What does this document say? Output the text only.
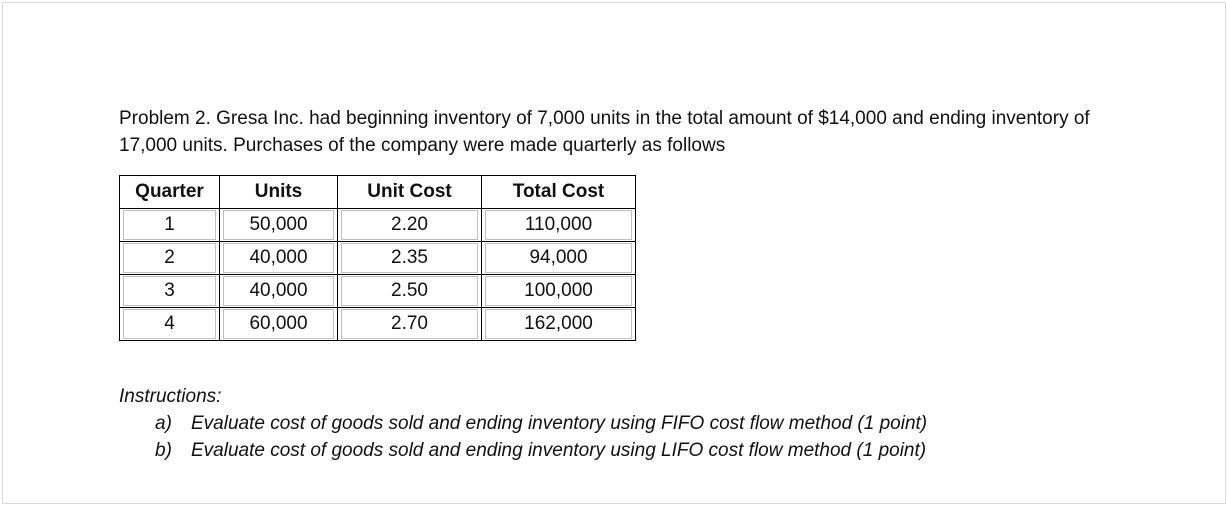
Problem 2. Gresa Inc. had beginning inventory of 7,000 units in the total amount of $14,000 and ending inventory of 17,000 units. Purchases of the company were made quarterly as follows

Quarter	Units	Unit Cost	Total Cost

1	50,000	2.20	110,000

2	40,000	2.35	94,000

3	40,000	2.50	100,000

4	60,000	2.70	162,000

Instructions:

a) Evaluate cost of goods sold and ending inventory using FIFO cost flow method (1 point)
b) Evaluate cost of goods sold and ending inventory using LIFO cost flow method (1 point)
